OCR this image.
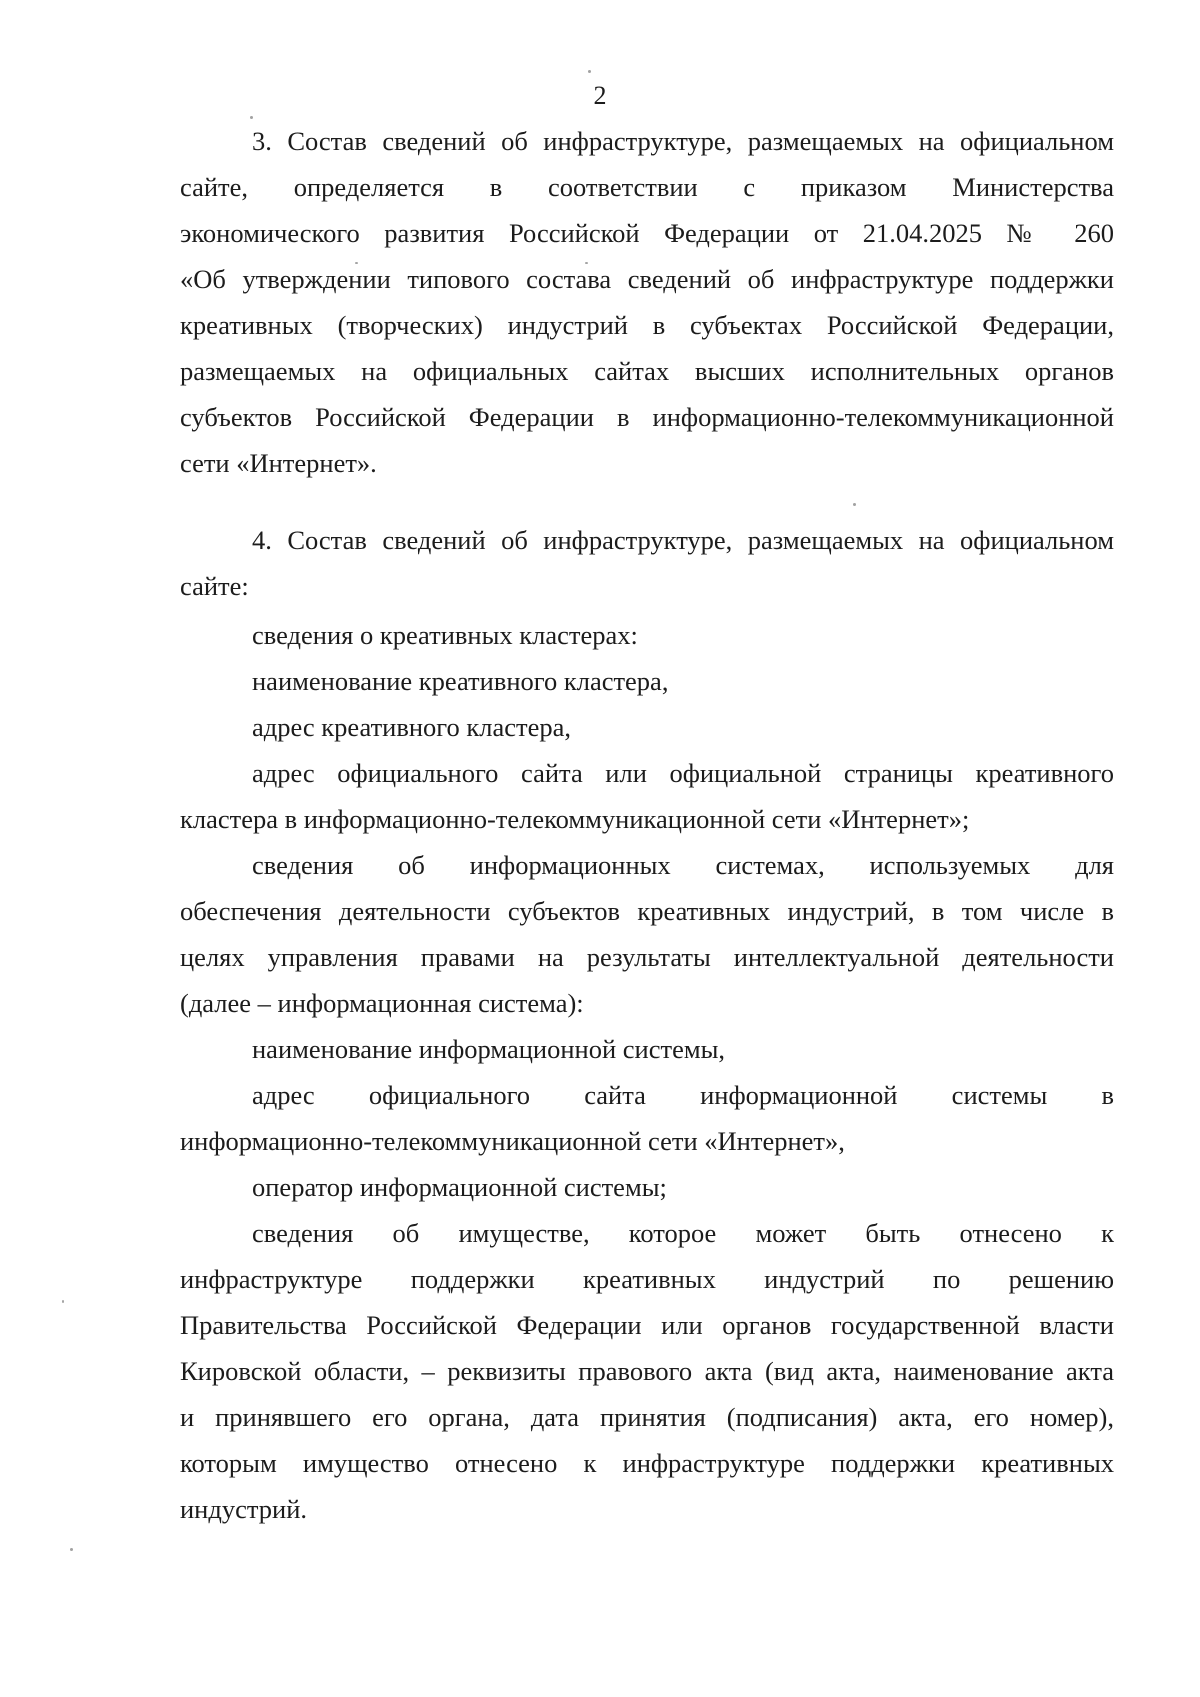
2
3. Состав сведений об инфраструктуре, размещаемых на официальном
сайте, определяется в соответствии с приказом Министерства
экономического развития Российской Федерации от 21.04.2025 № 260
«Об утверждении типового состава сведений об инфраструктуре поддержки
креативных (творческих) индустрий в субъектах Российской Федерации,
размещаемых на официальных сайтах высших исполнительных органов
субъектов Российской Федерации в информационно-телекоммуникационной
сети «Интернет».
4. Состав сведений об инфраструктуре, размещаемых на официальном
сайте:
сведения о креативных кластерах:
наименование креативного кластера,
адрес креативного кластера,
адрес официального сайта или официальной страницы креативного
кластера в информационно-телекоммуникационной сети «Интернет»;
сведения об информационных системах, используемых для
обеспечения деятельности субъектов креативных индустрий, в том числе в
целях управления правами на результаты интеллектуальной деятельности
(далее – информационная система):
наименование информационной системы,
адрес официального сайта информационной системы в
информационно-телекоммуникационной сети «Интернет»,
оператор информационной системы;
сведения об имуществе, которое может быть отнесено к
инфраструктуре поддержки креативных индустрий по решению
Правительства Российской Федерации или органов государственной власти
Кировской области, – реквизиты правового акта (вид акта, наименование акта
и принявшего его органа, дата принятия (подписания) акта, его номер),
которым имущество отнесено к инфраструктуре поддержки креативных
индустрий.
